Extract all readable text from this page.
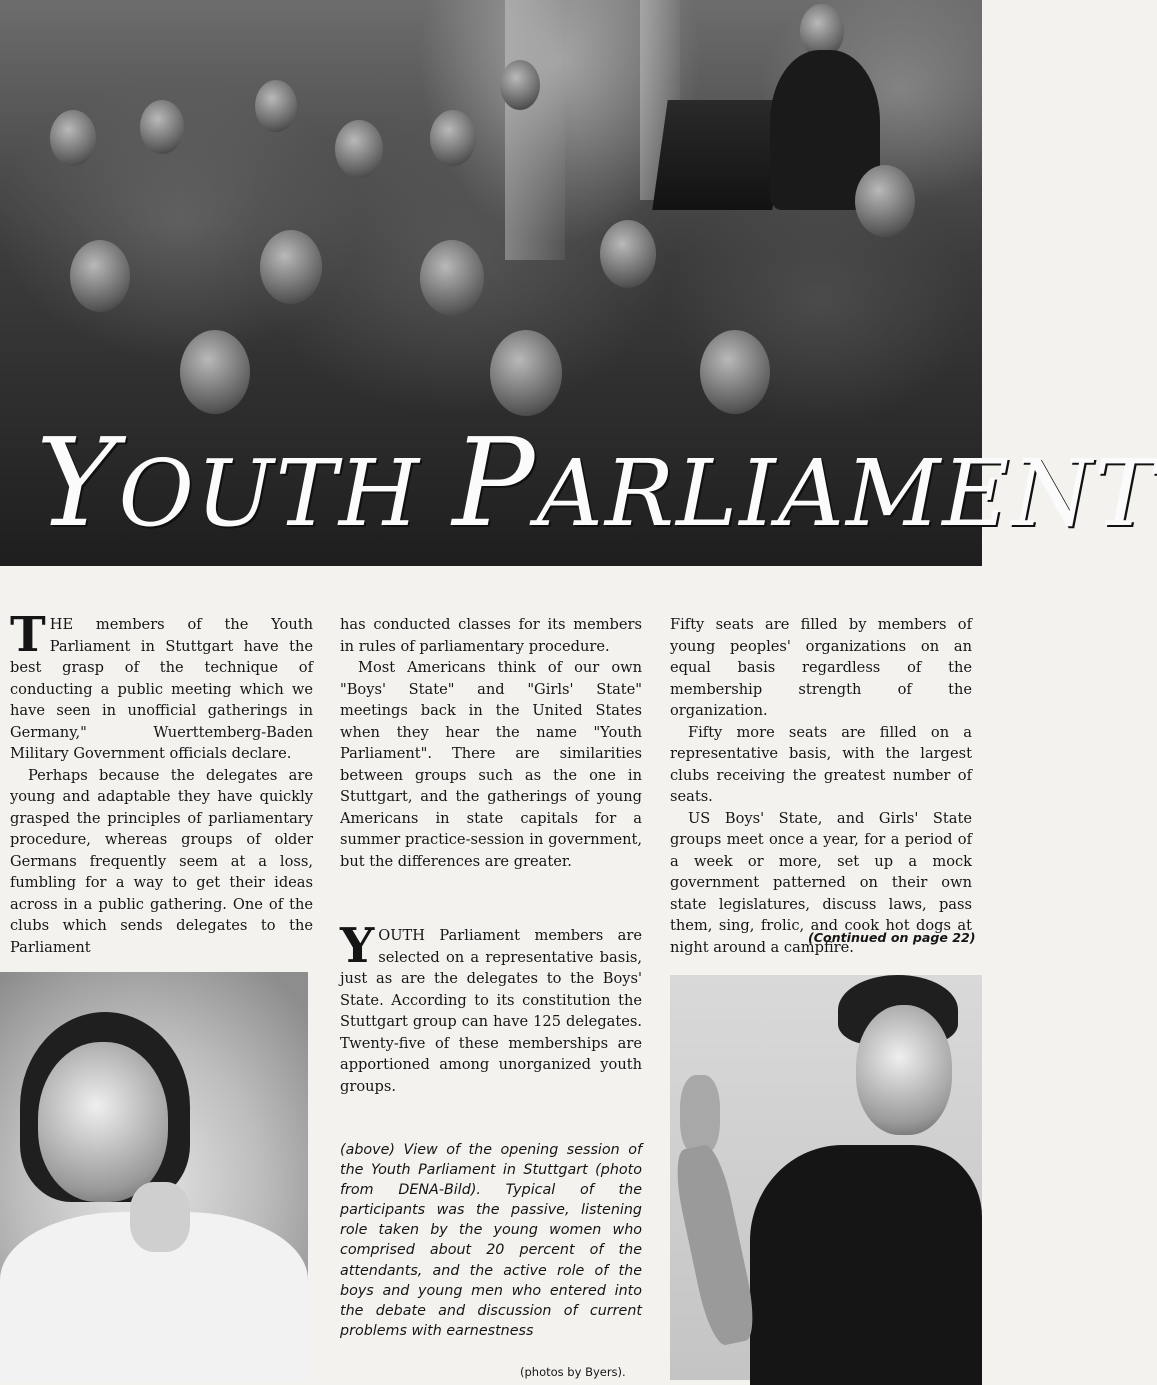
YOUTH PARLIAMENT

THE members of the Youth Parliament in Stuttgart have the best grasp of the technique of conducting a public meeting which we have seen in unofficial gatherings in Germany," Wuerttemberg-Baden Military Government officials declare.

Perhaps because the delegates are young and adaptable they have quickly grasped the principles of parliamentary procedure, whereas groups of older Germans frequently seem at a loss, fumbling for a way to get their ideas across in a public gathering. One of the clubs which sends delegates to the Parliament

has conducted classes for its members in rules of parliamentary procedure.

Most Americans think of our own "Boys' State" and "Girls' State" meetings back in the United States when they hear the name "Youth Parliament". There are similarities between groups such as the one in Stuttgart, and the gatherings of young Americans in state capitals for a summer practice-session in government, but the differences are greater.

YOUTH Parliament members are selected on a representative basis, just as are the delegates to the Boys' State. According to its constitution the Stuttgart group can have 125 delegates. Twenty-five of these memberships are apportioned among unorganized youth groups.

Fifty seats are filled by members of young peoples' organizations on an equal basis regardless of the membership strength of the organization.

Fifty more seats are filled on a representative basis, with the largest clubs receiving the greatest number of seats.

US Boys' State, and Girls' State groups meet once a year, for a period of a week or more, set up a mock government patterned on their own state legislatures, discuss laws, pass them, sing, frolic, and cook hot dogs at night around a campfire.

(Continued on page 22)

(above) View of the opening session of the Youth Parliament in Stuttgart (photo from DENA-Bild). Typical of the participants was the passive, listening role taken by the young women who comprised about 20 percent of the attendants, and the active role of the boys and young men who entered into the debate and discussion of current problems with earnestness

(photos by Byers).
